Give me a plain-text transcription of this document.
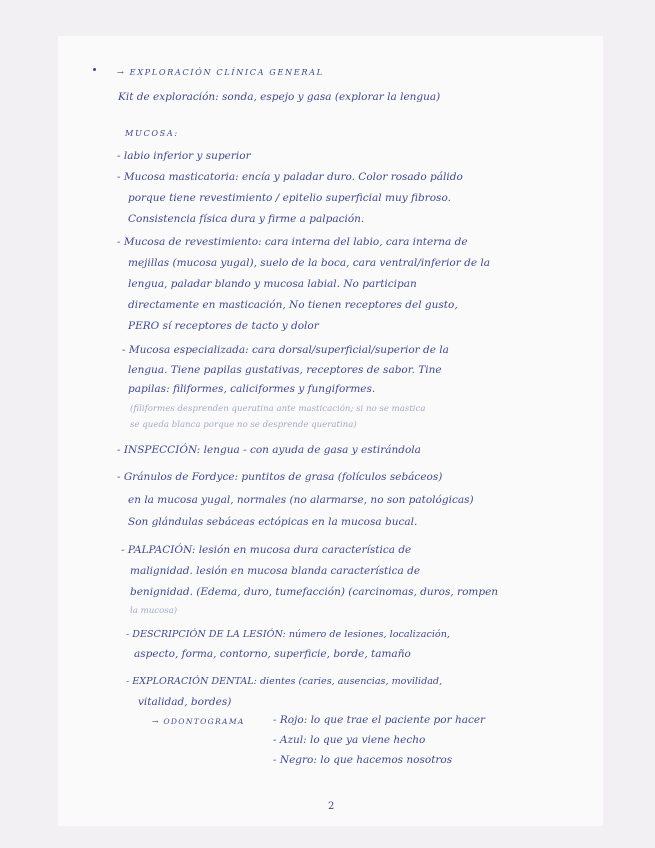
→ EXPLORACIÓN CLÍNICA GENERAL
Kit de exploración: sonda, espejo y gasa (explorar la lengua)
MUCOSA:
- labio inferior y superior
- Mucosa masticatoria: encía y paladar duro. Color rosado pálido
porque tiene revestimiento / epitelio superficial muy fibroso.
Consistencia física dura y firme a palpación.
- Mucosa de revestimiento: cara interna del labio, cara interna de
mejillas (mucosa yugal), suelo de la boca, cara ventral/inferior de la
lengua, paladar blando y mucosa labial. No participan
directamente en masticación, No tienen receptores del gusto,
PERO sí receptores de tacto y dolor
- Mucosa especializada: cara dorsal/superficial/superior de la
lengua. Tiene papilas gustativas, receptores de sabor. Tine
papilas: filiformes, caliciformes y fungiformes.
(filiformes desprenden queratina ante masticación; si no se mastica
se queda blanca porque no se desprende queratina)
- INSPECCIÓN: lengua - con ayuda de gasa y estirándola
- Gránulos de Fordyce: puntitos de grasa (folículos sebáceos)
en la mucosa yugal, normales (no alarmarse, no son patológicas)
Son glándulas sebáceas ectópicas en la mucosa bucal.
- PALPACIÓN: lesión en mucosa dura característica de
malignidad. lesión en mucosa blanda característica de
benignidad. (Edema, duro, tumefacción) (carcinomas, duros, rompen
la mucosa)
- DESCRIPCIÓN DE LA LESIÓN: número de lesiones, localización,
aspecto, forma, contorno, superficie, borde, tamaño
- EXPLORACIÓN DENTAL: dientes (caries, ausencias, movilidad,
vitalidad, bordes)
→ ODONTOGRAMA	- Rojo: lo que trae el paciente por hacer
- Azul: lo que ya viene hecho
- Negro: lo que hacemos nosotros
2
